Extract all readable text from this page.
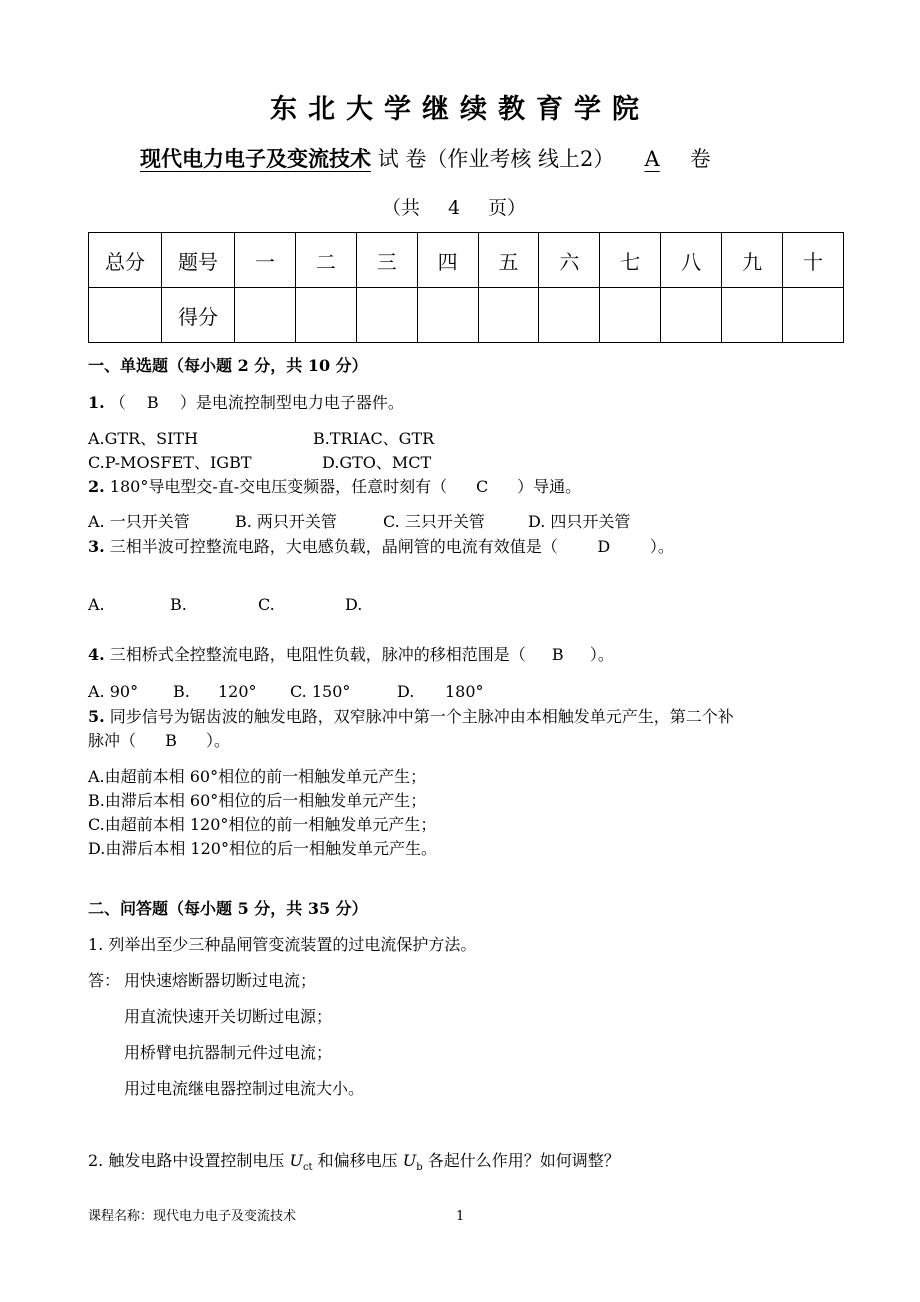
东北大学继续教育学院
现代电力电子及变流技术 试 卷（作业考核 线上2） A 卷
（共 4 页）
总分	题号	一	二	三	四	五	六	七	八	九	十
	得分										
一、单选题（每小题 2 分，共 10 分）
1. （ B ）是电流控制型电力电子器件。
A.GTR、SITH	B.TRIAC、GTR
C.P-MOSFET、IGBT	D.GTO、MCT
2. 180°导电型交-直-交电压变频器，任意时刻有（ C ）导通。
A. 一只开关管	B. 两只开关管	C. 三只开关管	D. 四只开关管
3. 三相半波可控整流电路，大电感负载，晶闸管的电流有效值是（ D ）。
A.	B.	C.	D.
4. 三相桥式全控整流电路，电阻性负载，脉冲的移相范围是（ B ）。
A. 90° B. 120° C. 150°	D. 180°
5. 同步信号为锯齿波的触发电路，双窄脉冲中第一个主脉冲由本相触发单元产生，第二个补
脉冲（ B ）。
A.由超前本相 60°相位的前一相触发单元产生；
B.由滞后本相 60°相位的后一相触发单元产生；
C.由超前本相 120°相位的前一相触发单元产生；
D.由滞后本相 120°相位的后一相触发单元产生。
二、问答题（每小题 5 分，共 35 分）
1. 列举出至少三种晶闸管变流装置的过电流保护方法。
答： 用快速熔断器切断过电流；
用直流快速开关切断过电源；
用桥臂电抗器制元件过电流；
用过电流继电器控制过电流大小。
2. 触发电路中设置控制电压 $U_{ct}$ 和偏移电压 $U_b$ 各起什么作用？如何调整？
课程名称：现代电力电子及变流技术	1
